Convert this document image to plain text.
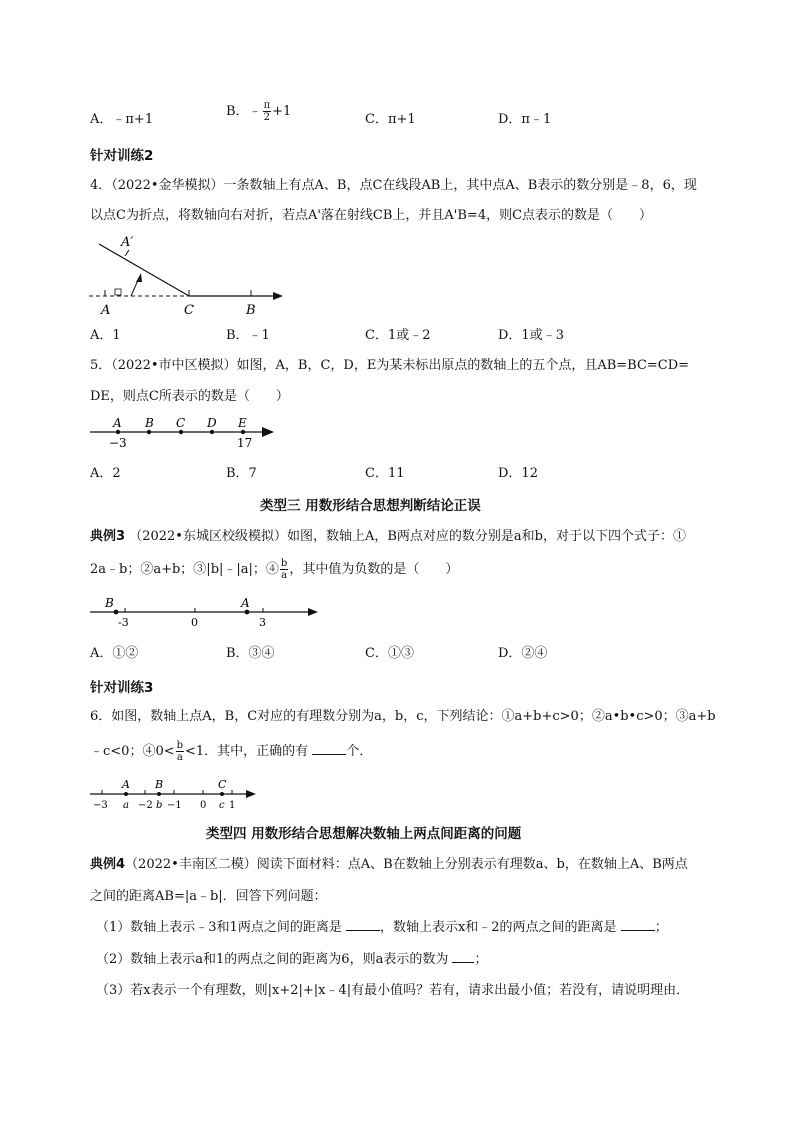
A．﹣π+1
B．﹣ $\frac{\pi}{2} +1$
C．π+1	D．π﹣1
针对训练2
4．（2022•金华模拟）一条数轴上有点A、B，点C在线段AB上，其中点A、B表示的数分别是﹣8，6，现
以点C为折点，将数轴向右对折，若点A'落在射线CB上，并且A'B=4，则C点表示的数是（　　）
A′
A	C	B
A．1	B．﹣1	C．1或﹣2	D．1或﹣3
5．（2022•市中区模拟）如图，A，B，C，D，E为某未标出原点的数轴上的五个点，且AB=BC=CD=
DE，则点C所表示的数是（　　）
A B C D E
−3	17
A．2	B．7	C．11	D．12
类型三 用数形结合思想判断结论正误
典例3 （2022•东城区校级模拟）如图，数轴上A，B两点对应的数分别是a和b，对于以下四个式子：①
2a﹣b；②a+b；③|b|﹣|a|；④ $\frac{b}{a}$ ，其中值为负数的是（　　）
B	A
-3	0	3
A．①②	B．③④	C．①③	D．②④
针对训练3
6．如图，数轴上点A，B，C对应的有理数分别为a，b，c，下列结论：①a+b+c>0；②a•b•c>0；③a+b
﹣c<0；④0< $\frac{b}{a} <1$．其中，正确的有	个．
A B	C
−3 a −2 b −1 0 c 1
类型四 用数形结合思想解决数轴上两点间距离的问题
典例4（2022•丰南区二模）阅读下面材料：点A、B在数轴上分别表示有理数a、b，在数轴上A、B两点
之间的距离AB=|a﹣b|．回答下列问题：
（1）数轴上表示﹣3和1两点之间的距离是	，数轴上表示x和﹣2的两点之间的距离是	；
（2）数轴上表示a和1的两点之间的距离为6，则a表示的数为 ；
（3）若x表示一个有理数，则|x+2|+|x﹣4|有最小值吗？若有，请求出最小值；若没有，请说明理由．
